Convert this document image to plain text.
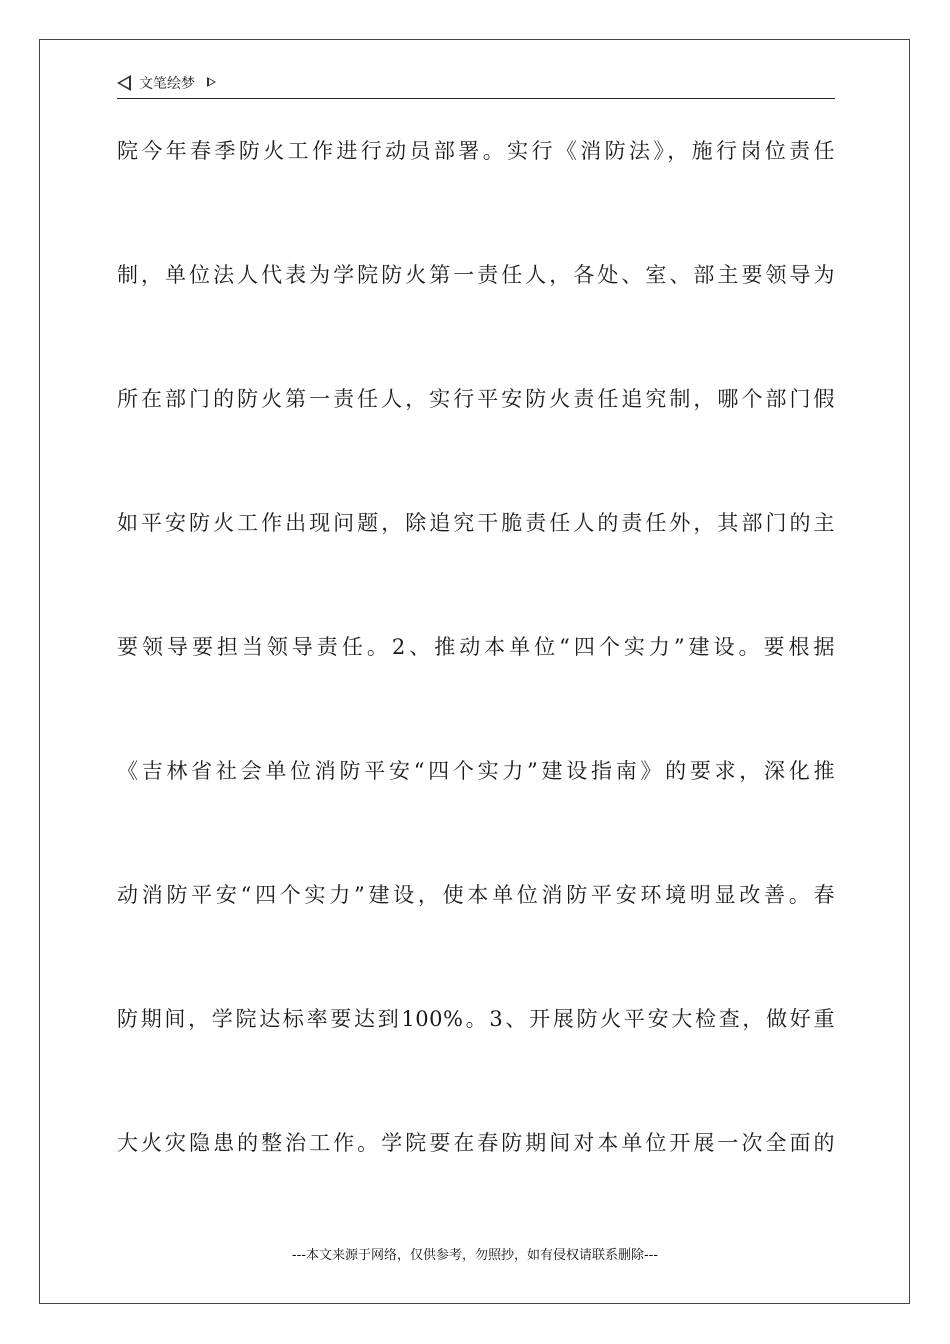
文笔绘梦
院今年春季防火工作进行动员部署。实行《消防法》，施行岗位责任
制，单位法人代表为学院防火第一责任人，各处、室、部主要领导为
所在部门的防火第一责任人，实行平安防火责任追究制，哪个部门假
如平安防火工作出现问题，除追究干脆责任人的责任外，其部门的主
要领导要担当领导责任。2、推动本单位“四个实力”建设。要根据
《吉林省社会单位消防平安“四个实力”建设指南》的要求，深化推
动消防平安“四个实力”建设，使本单位消防平安环境明显改善。春
防期间，学院达标率要达到100%。3、开展防火平安大检查，做好重
大火灾隐患的整治工作。学院要在春防期间对本单位开展一次全面的
---本文来源于网络，仅供参考，勿照抄，如有侵权请联系删除---
